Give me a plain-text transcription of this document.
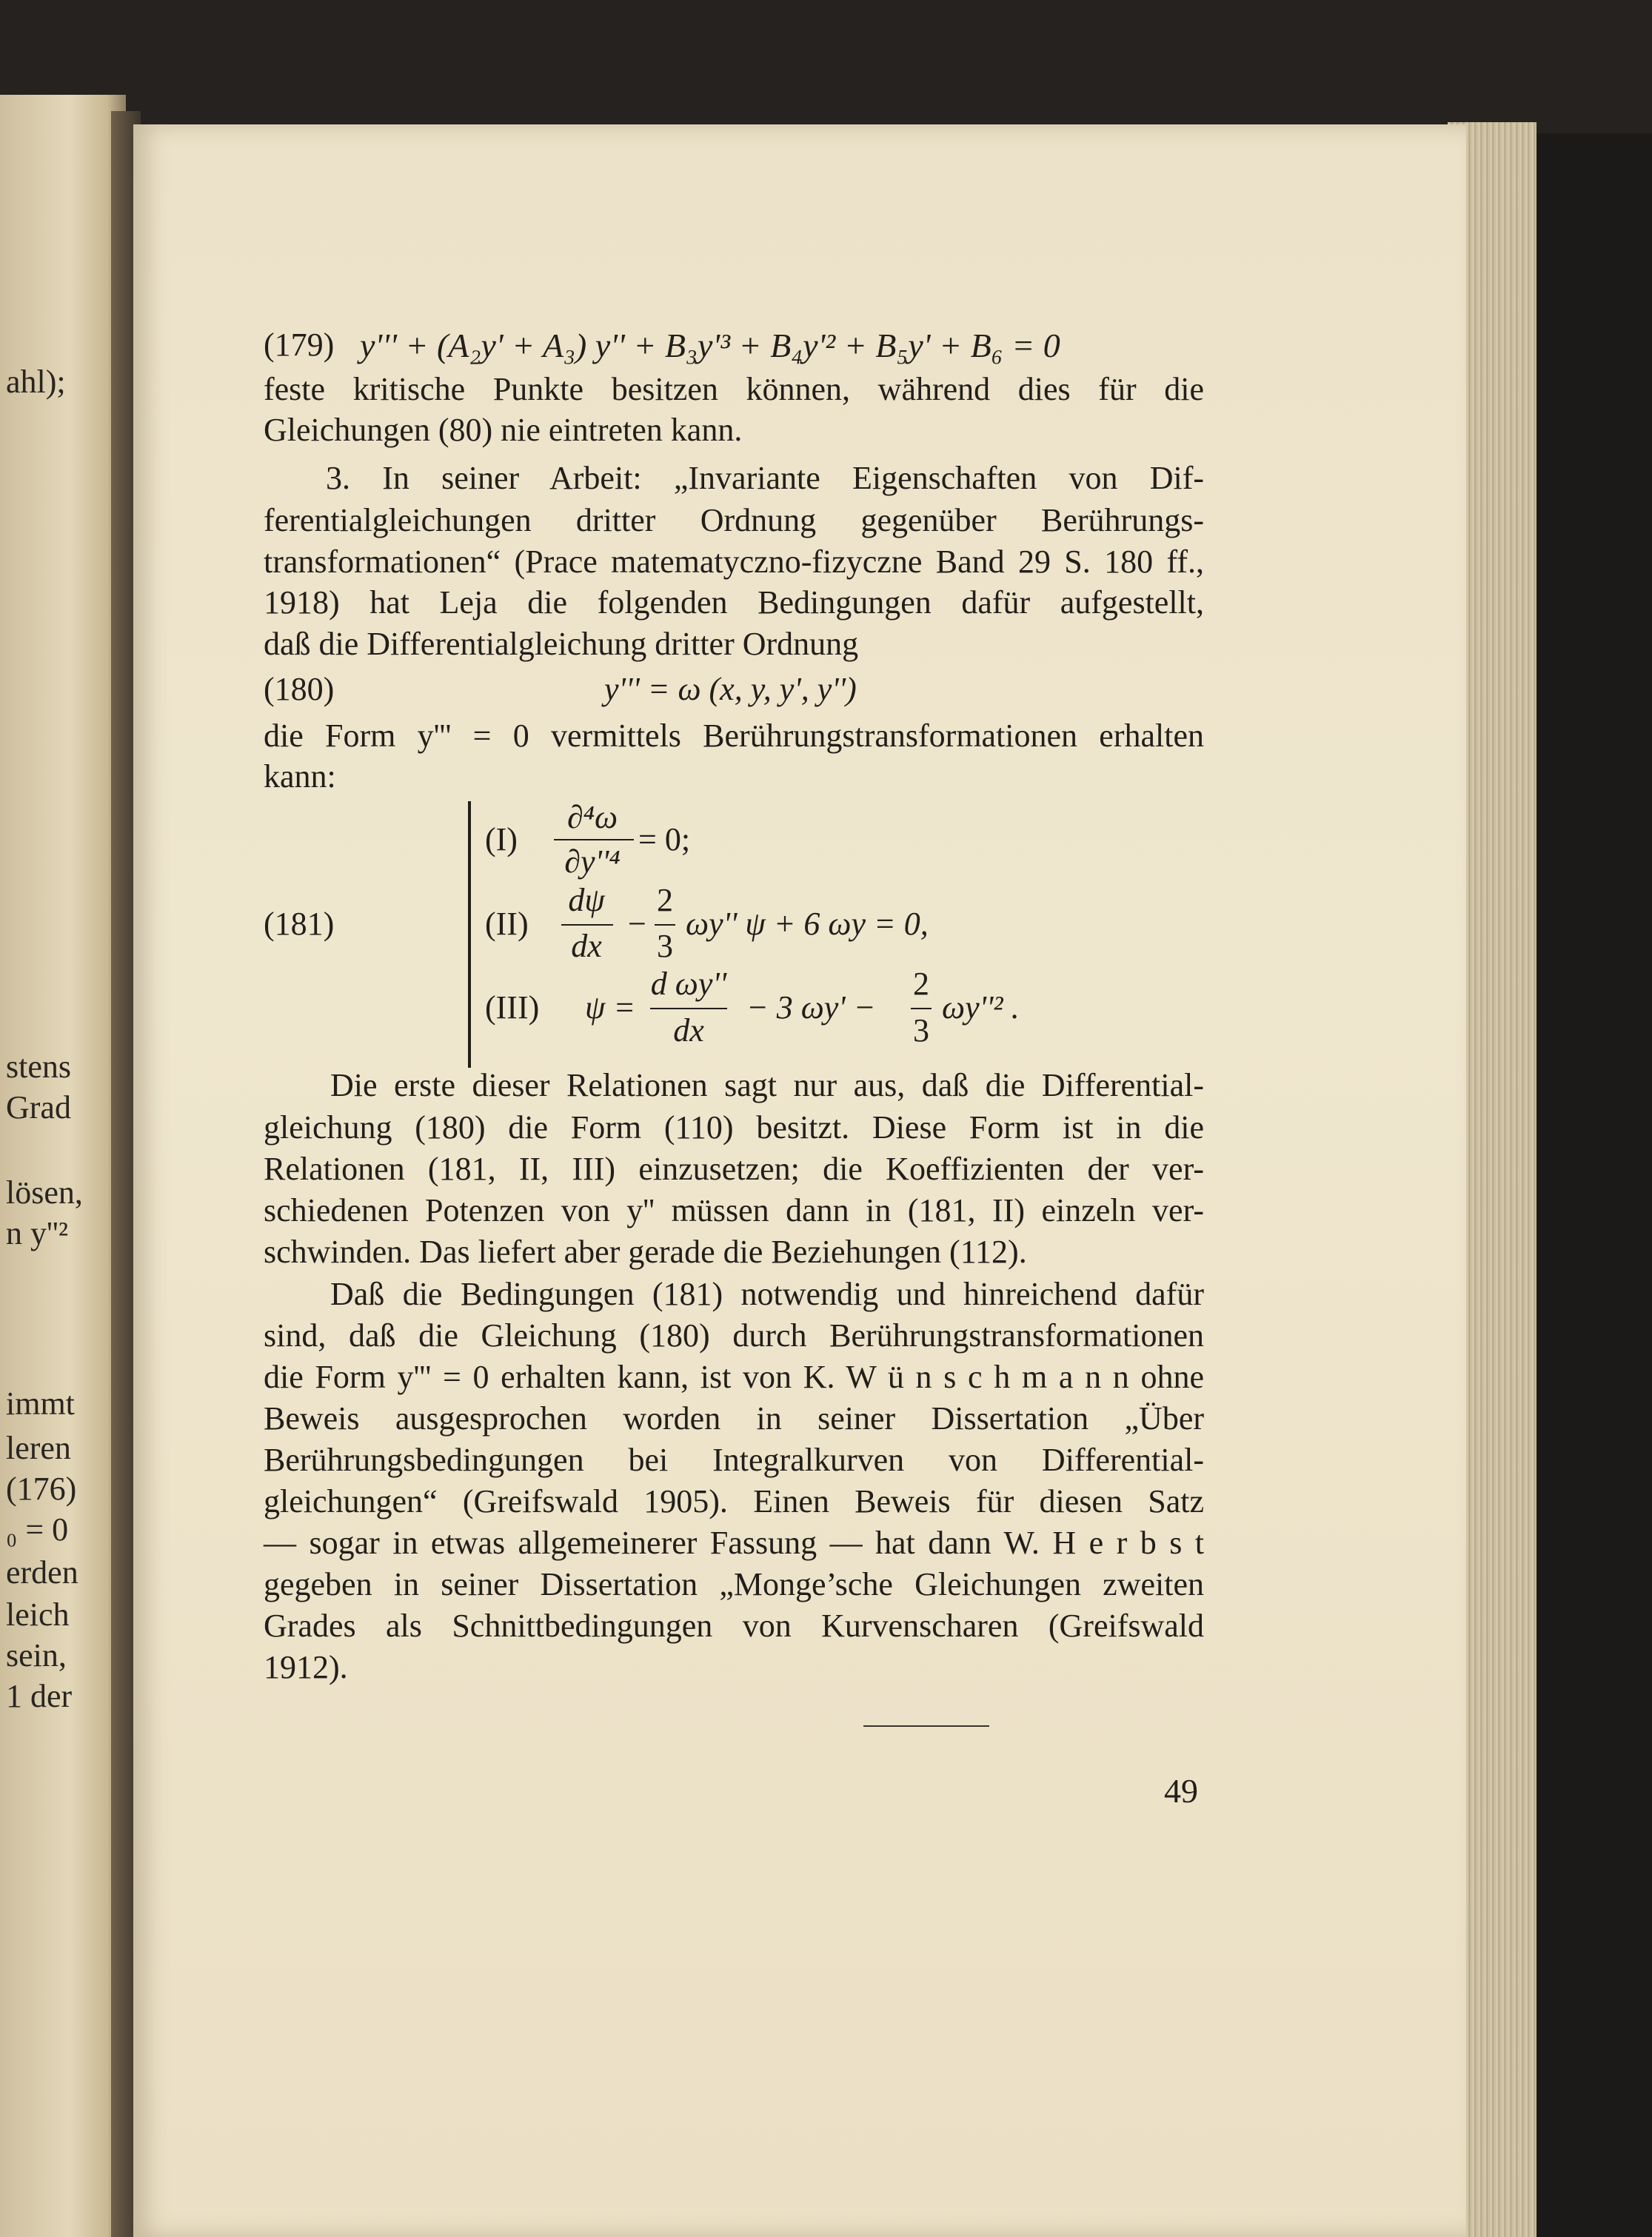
ahl);
stens
Grad
lösen,
n y''²
immt
leren
(176)
₀ = 0
erden
leich
sein,
1 der
(179) y''' + (A₂y' + A₃) y'' + B₃y'³ + B₄y'² + B₅y' + B₆ = 0
feste kritische Punkte besitzen können, während dies für die
Gleichungen (80) nie eintreten kann.
3. In seiner Arbeit: „Invariante Eigenschaften von Dif-
ferentialgleichungen dritter Ordnung gegenüber Berührungs-
transformationen“ (Prace matematyczno-fizyczne Band 29 S. 180 ff.,
1918) hat Leja die folgenden Bedingungen dafür aufgestellt,
daß die Differentialgleichung dritter Ordnung
(180)	y''' = ω (x, y, y', y'')
die Form y''' = 0 vermittels Berührungstransformationen erhalten
kann:
(181)
(I)
∂⁴ω
∂y''⁴
= 0;
(II)
dψ
dx
−
2
3
ωy'' ψ + 6 ωy = 0,
(III) ψ =
d ωy''
dx
− 3 ωy' −
2
3
ωy''² .
Die erste dieser Relationen sagt nur aus, daß die Differential-
gleichung (180) die Form (110) besitzt. Diese Form ist in die
Relationen (181, II, III) einzusetzen; die Koeffizienten der ver-
schiedenen Potenzen von y'' müssen dann in (181, II) einzeln ver-
schwinden. Das liefert aber gerade die Beziehungen (112).
Daß die Bedingungen (181) notwendig und hinreichend dafür
sind, daß die Gleichung (180) durch Berührungstransformationen
die Form y''' = 0 erhalten kann, ist von K. W ü n s c h m a n n ohne
Beweis ausgesprochen worden in seiner Dissertation „Über
Berührungsbedingungen bei Integralkurven von Differential-
gleichungen“ (Greifswald 1905). Einen Beweis für diesen Satz
— sogar in etwas allgemeinerer Fassung — hat dann W. H e r b s t
gegeben in seiner Dissertation „Monge’sche Gleichungen zweiten
Grades als Schnittbedingungen von Kurvenscharen (Greifswald
1912).
49
